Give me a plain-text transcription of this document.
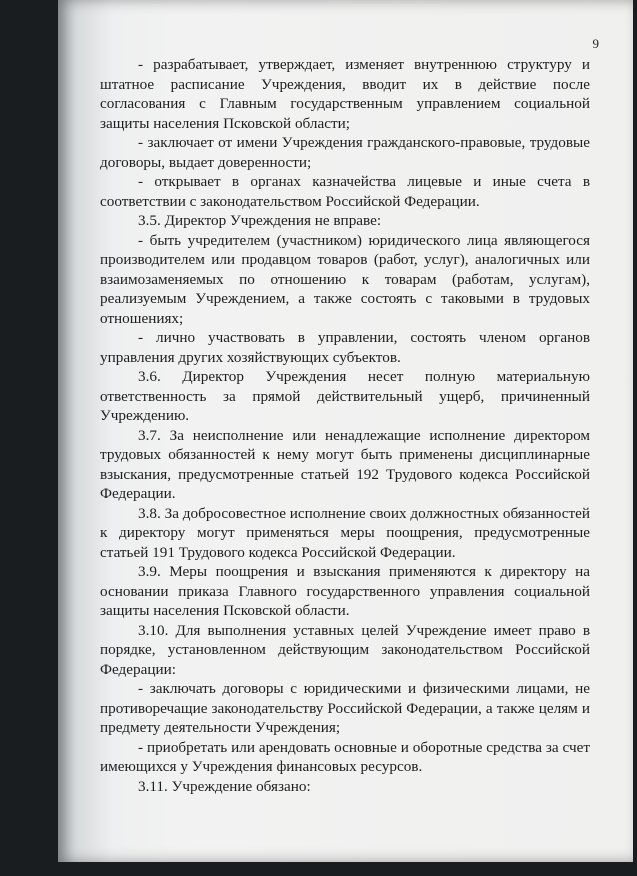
9

- разрабатывает, утверждает, изменяет внутреннюю структуру и штатное расписание Учреждения, вводит их в действие после согласования с Главным государственным управлением социальной защиты населения Псковской области;

- заключает от имени Учреждения гражданского-правовые, трудовые договоры, выдает доверенности;

- открывает в органах казначейства лицевые и иные счета в соответствии с законодательством Российской Федерации.

3.5. Директор Учреждения не вправе:

- быть учредителем (участником) юридического лица являющегося производителем или продавцом товаров (работ, услуг), аналогичных или взаимозаменяемых по отношению к товарам (работам, услугам), реализуемым Учреждением, а также состоять с таковыми в трудовых отношениях;

- лично участвовать в управлении, состоять членом органов управления других хозяйствующих субъектов.

3.6. Директор Учреждения несет полную материальную ответственность за прямой действительный ущерб, причиненный Учреждению.

3.7. За неисполнение или ненадлежащие исполнение директором трудовых обязанностей к нему могут быть применены дисциплинарные взыскания, предусмотренные статьей 192 Трудового кодекса Российской Федерации.

3.8. За добросовестное исполнение своих должностных обязанностей к директору могут применяться меры поощрения, предусмотренные статьей 191 Трудового кодекса Российской Федерации.

3.9. Меры поощрения и взыскания применяются к директору на основании приказа Главного государственного управления социальной защиты населения Псковской области.

3.10. Для выполнения уставных целей Учреждение имеет право в порядке, установленном действующим законодательством Российской Федерации:

- заключать договоры с юридическими и физическими лицами, не противоречащие законодательству Российской Федерации, а также целям и предмету деятельности Учреждения;

- приобретать или арендовать основные и оборотные средства за счет имеющихся у Учреждения финансовых ресурсов.

3.11. Учреждение обязано:
